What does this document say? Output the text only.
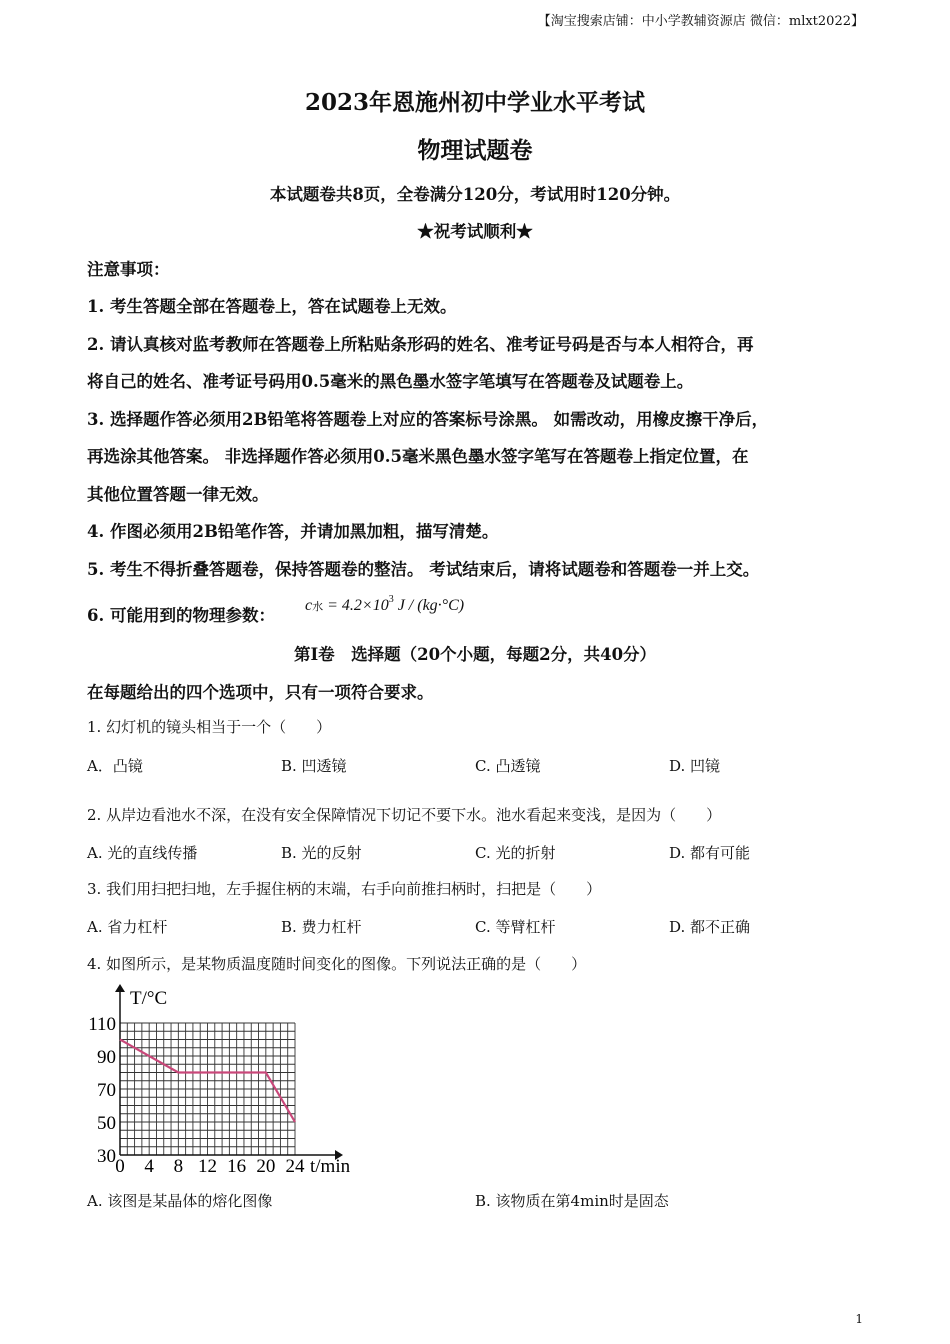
【淘宝搜索店铺：中小学教辅资源店 微信：mlxt2022】
2023年恩施州初中学业水平考试
物理试题卷
本试题卷共8页，全卷满分120分，考试用时120分钟。
★祝考试顺利★
注意事项：
1. 考生答题全部在答题卷上，答在试题卷上无效。
2. 请认真核对监考教师在答题卷上所粘贴条形码的姓名、准考证号码是否与本人相符合，再
将自己的姓名、准考证号码用0.5毫米的黑色墨水签字笔填写在答题卷及试题卷上。
3. 选择题作答必须用2B铅笔将答题卷上对应的答案标号涂黑。 如需改动，用橡皮擦干净后，
再选涂其他答案。 非选择题作答必须用0.5毫米黑色墨水签字笔写在答题卷上指定位置，在
其他位置答题一律无效。
4. 作图必须用2B铅笔作答，并请加黑加粗，描写清楚。
5. 考生不得折叠答题卷，保持答题卷的整洁。 考试结束后，请将试题卷和答题卷一并上交。
6. 可能用到的物理参数：
c水 = $4.2\times 10^3$ J / (kg·°C)
第Ⅰ卷　选择题（20个小题，每题2分，共40分）
在每题给出的四个选项中，只有一项符合要求。
1. 幻灯机的镜头相当于一个（　　）
A．凸镜	B. 凹透镜	C. 凸透镜	D. 凹镜
2. 从岸边看池水不深，在没有安全保障情况下切记不要下水。池水看起来变浅，是因为（　　）
A. 光的直线传播	B. 光的反射	C. 光的折射	D. 都有可能
3. 我们用扫把扫地，左手握住柄的末端，右手向前推扫柄时，扫把是（　　）
A. 省力杠杆	B. 费力杠杆	C. 等臂杠杆	D. 都不正确
4. 如图所示，是某物质温度随时间变化的图像。下列说法正确的是（　　）
30
50
70
90
110
0 4 8 12 16 20 24
T/°C
t/min
A. 该图是某晶体的熔化图像	B. 该物质在第4min时是固态
1
